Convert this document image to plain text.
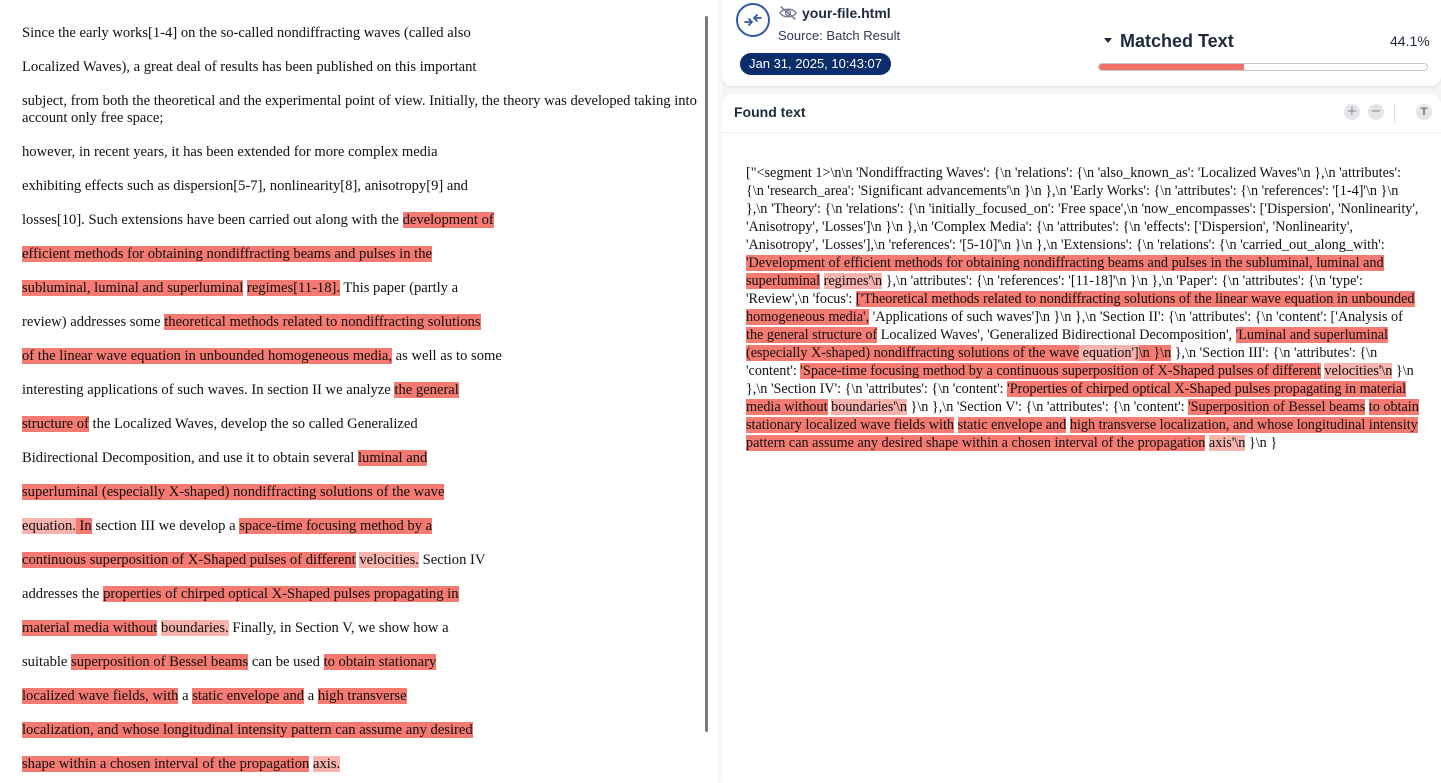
Since the early works[1-4] on the so-called nondiffracting waves (called also
Localized Waves), a great deal of results has been published on this important
subject, from both the theoretical and the experimental point of view. Initially, the theory was developed taking into account only free space;
however, in recent years, it has been extended for more complex media
exhibiting effects such as dispersion[5-7], nonlinearity[8], anisotropy[9] and
losses[10]. Such extensions have been carried out along with the development of
efficient methods for obtaining nondiffracting beams and pulses in the
subluminal, luminal and superluminal regimes[11-18]. This paper (partly a
review) addresses some theoretical methods related to nondiffracting solutions
of the linear wave equation in unbounded homogeneous media, as well as to some
interesting applications of such waves. In section II we analyze the general
structure of the Localized Waves, develop the so called Generalized
Bidirectional Decomposition, and use it to obtain several luminal and
superluminal (especially X-shaped) nondiffracting solutions of the wave
equation. In section III we develop a space-time focusing method by a
continuous superposition of X-Shaped pulses of different velocities. Section IV
addresses the properties of chirped optical X-Shaped pulses propagating in
material media without boundaries. Finally, in Section V, we show how a
suitable superposition of Bessel beams can be used to obtain stationary
localized wave fields, with a static envelope and a high transverse
localization, and whose longitudinal intensity pattern can assume any desired
shape within a chosen interval of the propagation axis.
your-file.html
Source: Batch Result
Jan 31, 2025, 10:43:07
Matched Text	44.1%
Found text	+ −	T
["<segment 1>\n\n 'Nondiffracting Waves': {\n 'relations': {\n 'also_known_as': 'Localized Waves'\n },\n 'attributes': {\n 'research_area': 'Significant advancements'\n }\n },\n 'Early Works': {\n 'attributes': {\n 'references': '[1-4]'\n }\n },\n 'Theory': {\n 'relations': {\n 'initially_focused_on': 'Free space',\n 'now_encompasses': ['Dispersion', 'Nonlinearity', 'Anisotropy', 'Losses']\n }\n },\n 'Complex Media': {\n 'attributes': {\n 'effects': ['Dispersion', 'Nonlinearity', 'Anisotropy', 'Losses'],\n 'references': '[5-10]'\n }\n },\n 'Extensions': {\n 'relations': {\n 'carried_out_along_with': 'Development of efficient methods for obtaining nondiffracting beams and pulses in the subluminal, luminal and superluminal regimes'\n },\n 'attributes': {\n 'references': '[11-18]'\n }\n },\n 'Paper': {\n 'attributes': {\n 'type': 'Review',\n 'focus': ['Theoretical methods related to nondiffracting solutions of the linear wave equation in unbounded homogeneous media', 'Applications of such waves']\n }\n },\n 'Section II': {\n 'attributes': {\n 'content': ['Analysis of the general structure of Localized Waves', 'Generalized Bidirectional Decomposition', 'Luminal and superluminal (especially X-shaped) nondiffracting solutions of the wave equation']\n }\n },\n 'Section III': {\n 'attributes': {\n 'content': 'Space-time focusing method by a continuous superposition of X-Shaped pulses of different velocities'\n }\n },\n 'Section IV': {\n 'attributes': {\n 'content': 'Properties of chirped optical X-Shaped pulses propagating in material media without boundaries'\n }\n },\n 'Section V': {\n 'attributes': {\n 'content': 'Superposition of Bessel beams to obtain stationary localized wave fields with static envelope and high transverse localization, and whose longitudinal intensity pattern can assume any desired shape within a chosen interval of the propagation axis'\n }\n }
